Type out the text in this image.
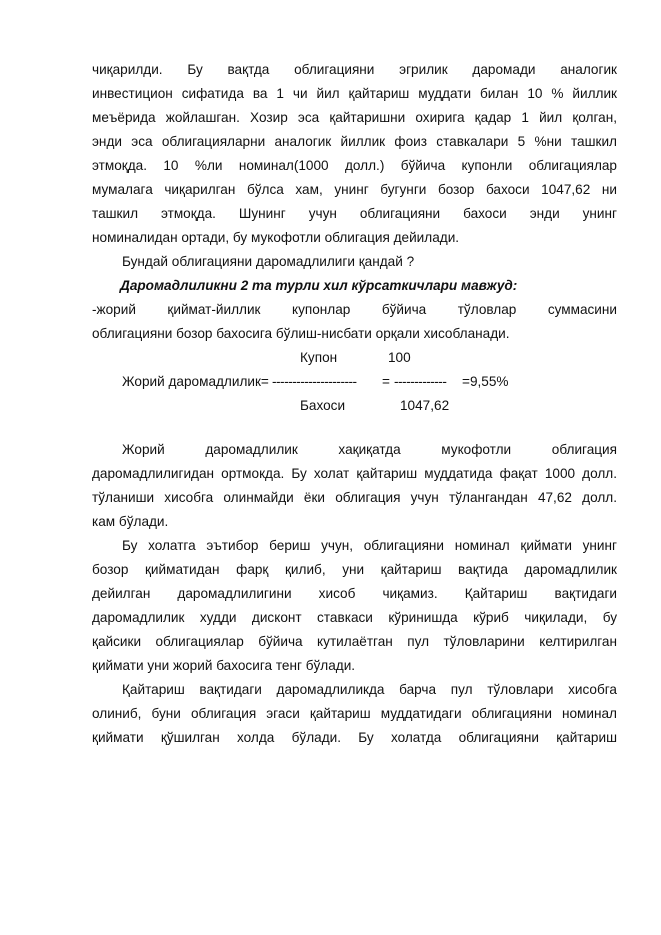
чиқарилди. Бу вақтда облигацияни эгрилик даромади аналогик
инвестицион сифатида ва 1 чи йил қайтариш муддати билан 10 % йиллик
меъёрида жойлашган. Хозир эса қайтаришни охирига қадар 1 йил қолган,
энди эса облигацияларни аналогик йиллик фоиз ставкалари 5 %ни ташкил
этмоқда. 10 %ли номинал(1000 долл.) бўйича купонли облигациялар
мумалага чиқарилган бўлса хам, унинг бугунги бозор бахоси 1047,62 ни
ташкил этмоқда. Шунинг учун облигацияни бахоси энди унинг
номиналидан ортади, бу мукофотли облигация дейилади.
Бундай облигацияни даромадлилиги қандай ?
Даромадлиликни 2 та турли хил кўрсаткичлари мавжуд:
-жорий қиймат-йиллик купонлар бўйича тўловлар суммасини
облигацияни бозор бахосига бўлиш-нисбати орқали хисобланади.
Купон	100
Жорий даромадлилик= --------------------- = ------------- =9,55%
Бахоси	1047,62
Жорий даромадлилик хақиқатда мукофотли облигация
даромадлилигидан ортмокда. Бу холат қайтариш муддатида фақат 1000 долл.
тўланиши хисобга олинмайди ёки облигация учун тўлангандан 47,62 долл.
кам бўлади.
Бу холатга эътибор бериш учун, облигацияни номинал қиймати унинг
бозор қийматидан фарқ қилиб, уни қайтариш вақтида даромадлилик
дейилган даромадлилигини хисоб чиқамиз. Қайтариш вақтидаги
даромадлилик худди дисконт ставкаси кўринишда кўриб чиқилади, бу
қайсики облигациялар бўйича кутилаётган пул тўловларини келтирилган
қиймати уни жорий бахосига тенг бўлади.
Қайтариш вақтидаги даромадлиликда барча пул тўловлари хисобга
олиниб, буни облигация эгаси қайтариш муддатидаги облигацияни номинал
қиймати қўшилган холда бўлади. Бу холатда облигацияни қайтариш
